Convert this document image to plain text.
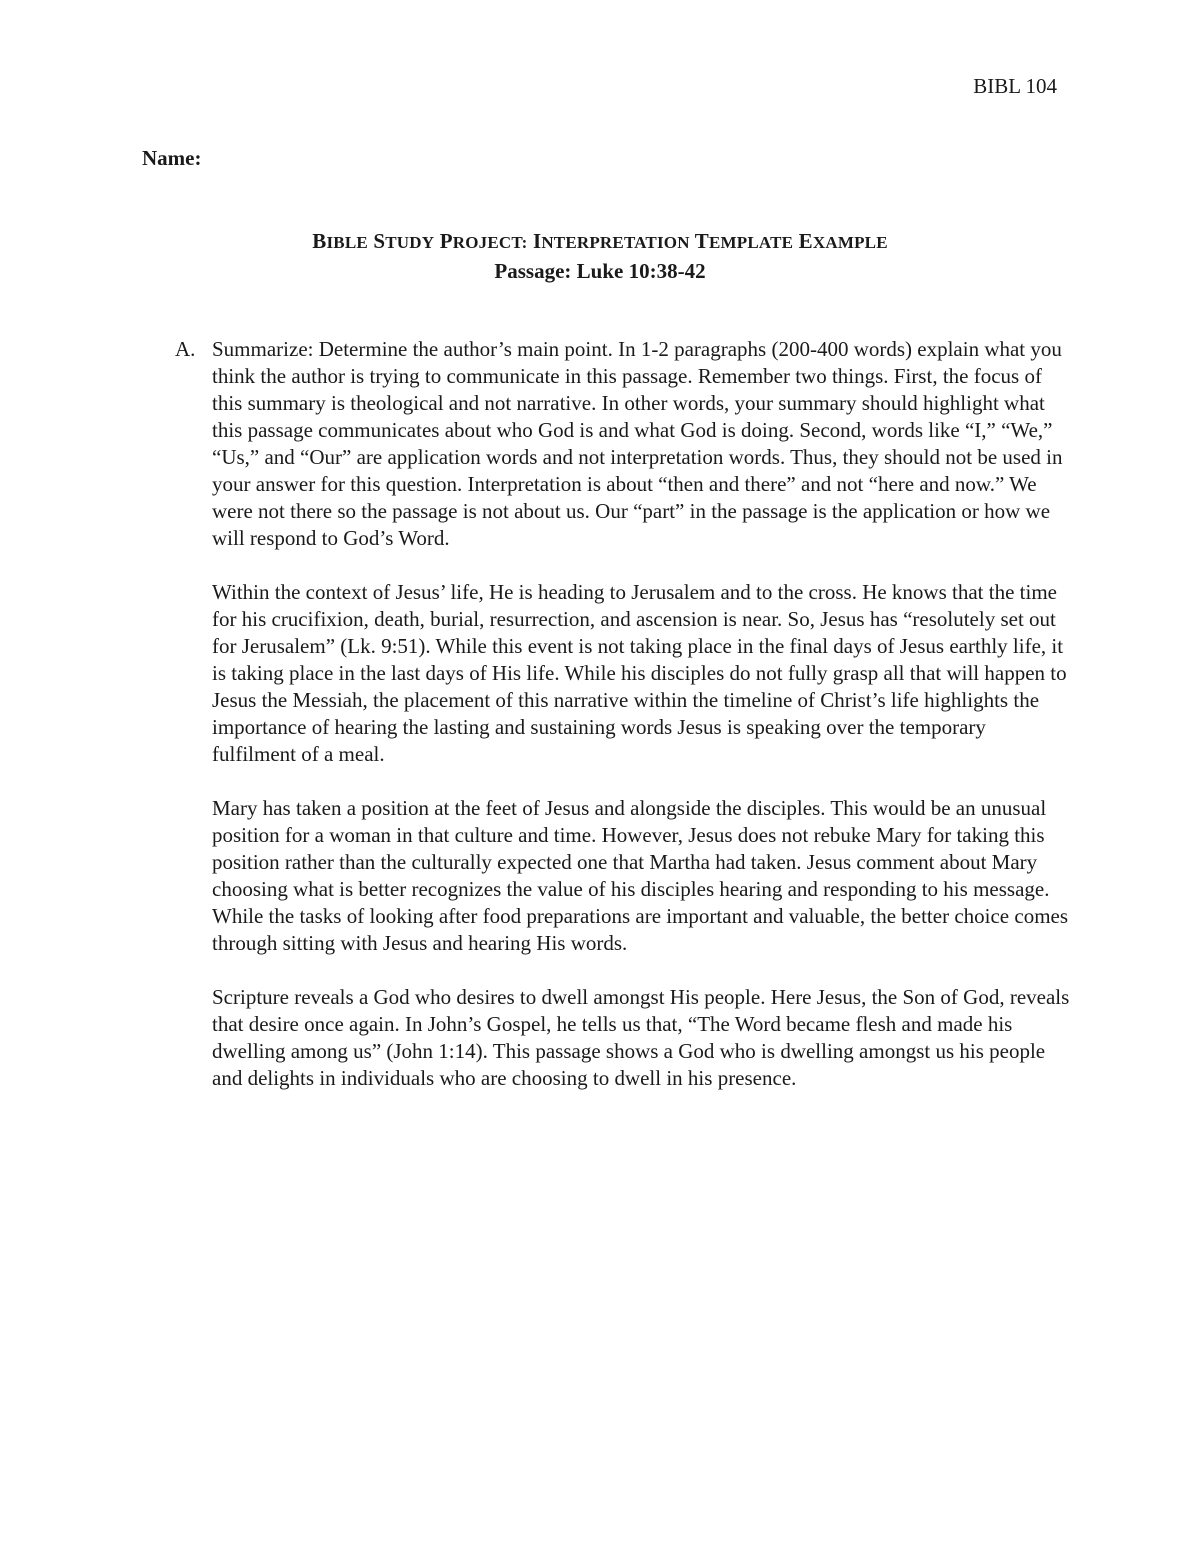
BIBL 104
Name:
BIBLE STUDY PROJECT: INTERPRETATION TEMPLATE EXAMPLE
Passage: Luke 10:38-42
A. Summarize: Determine the author’s main point. In 1-2 paragraphs (200-400 words) explain what you think the author is trying to communicate in this passage. Remember two things. First, the focus of this summary is theological and not narrative. In other words, your summary should highlight what this passage communicates about who God is and what God is doing. Second, words like “I,” “We,” “Us,” and “Our” are application words and not interpretation words. Thus, they should not be used in your answer for this question. Interpretation is about “then and there” and not “here and now.” We were not there so the passage is not about us. Our “part” in the passage is the application or how we will respond to God’s Word.

Within the context of Jesus’ life, He is heading to Jerusalem and to the cross. He knows that the time for his crucifixion, death, burial, resurrection, and ascension is near. So, Jesus has “resolutely set out for Jerusalem” (Lk. 9:51). While this event is not taking place in the final days of Jesus earthly life, it is taking place in the last days of His life. While his disciples do not fully grasp all that will happen to Jesus the Messiah, the placement of this narrative within the timeline of Christ’s life highlights the importance of hearing the lasting and sustaining words Jesus is speaking over the temporary fulfilment of a meal.

Mary has taken a position at the feet of Jesus and alongside the disciples. This would be an unusual position for a woman in that culture and time. However, Jesus does not rebuke Mary for taking this position rather than the culturally expected one that Martha had taken. Jesus comment about Mary choosing what is better recognizes the value of his disciples hearing and responding to his message. While the tasks of looking after food preparations are important and valuable, the better choice comes through sitting with Jesus and hearing His words.

Scripture reveals a God who desires to dwell amongst His people. Here Jesus, the Son of God, reveals that desire once again. In John’s Gospel, he tells us that, “The Word became flesh and made his dwelling among us” (John 1:14). This passage shows a God who is dwelling amongst us his people and delights in individuals who are choosing to dwell in his presence.
